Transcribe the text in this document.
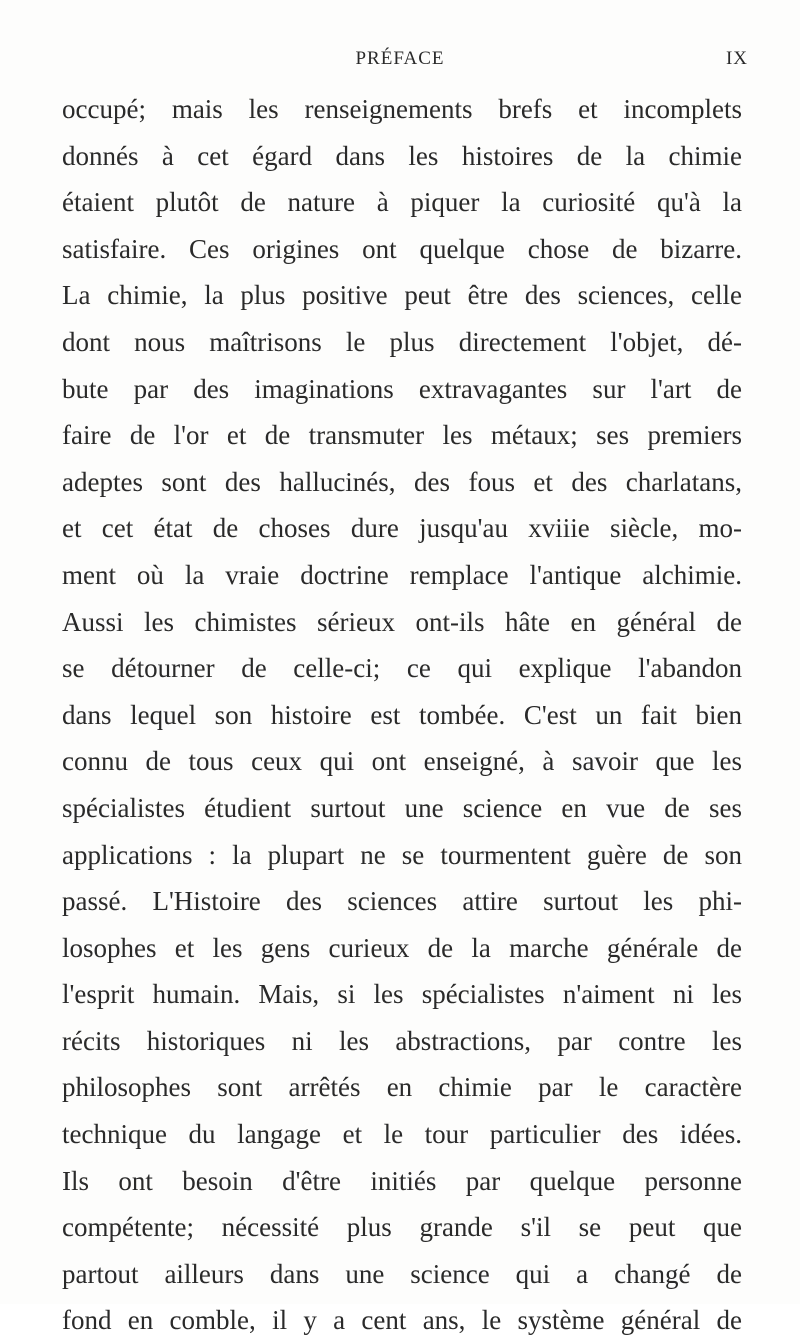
PRÉFACE	IX
occupé; mais les renseignements brefs et incomplets
donnés à cet égard dans les histoires de la chimie
étaient plutôt de nature à piquer la curiosité qu'à la
satisfaire. Ces origines ont quelque chose de bizarre.
La chimie, la plus positive peut être des sciences, celle
dont nous maîtrisons le plus directement l'objet, dé-
bute par des imaginations extravagantes sur l'art de
faire de l'or et de transmuter les métaux; ses premiers
adeptes sont des hallucinés, des fous et des charlatans,
et cet état de choses dure jusqu'au xviiie siècle, mo-
ment où la vraie doctrine remplace l'antique alchimie.
Aussi les chimistes sérieux ont-ils hâte en général de
se détourner de celle-ci; ce qui explique l'abandon
dans lequel son histoire est tombée. C'est un fait bien
connu de tous ceux qui ont enseigné, à savoir que les
spécialistes étudient surtout une science en vue de ses
applications : la plupart ne se tourmentent guère de son
passé. L'Histoire des sciences attire surtout les phi-
losophes et les gens curieux de la marche générale de
l'esprit humain. Mais, si les spécialistes n'aiment ni les
récits historiques ni les abstractions, par contre les
philosophes sont arrêtés en chimie par le caractère
technique du langage et le tour particulier des idées.
Ils ont besoin d'être initiés par quelque personne
compétente; nécessité plus grande s'il se peut que
partout ailleurs dans une science qui a changé de
fond en comble, il y a cent ans, le système général de
